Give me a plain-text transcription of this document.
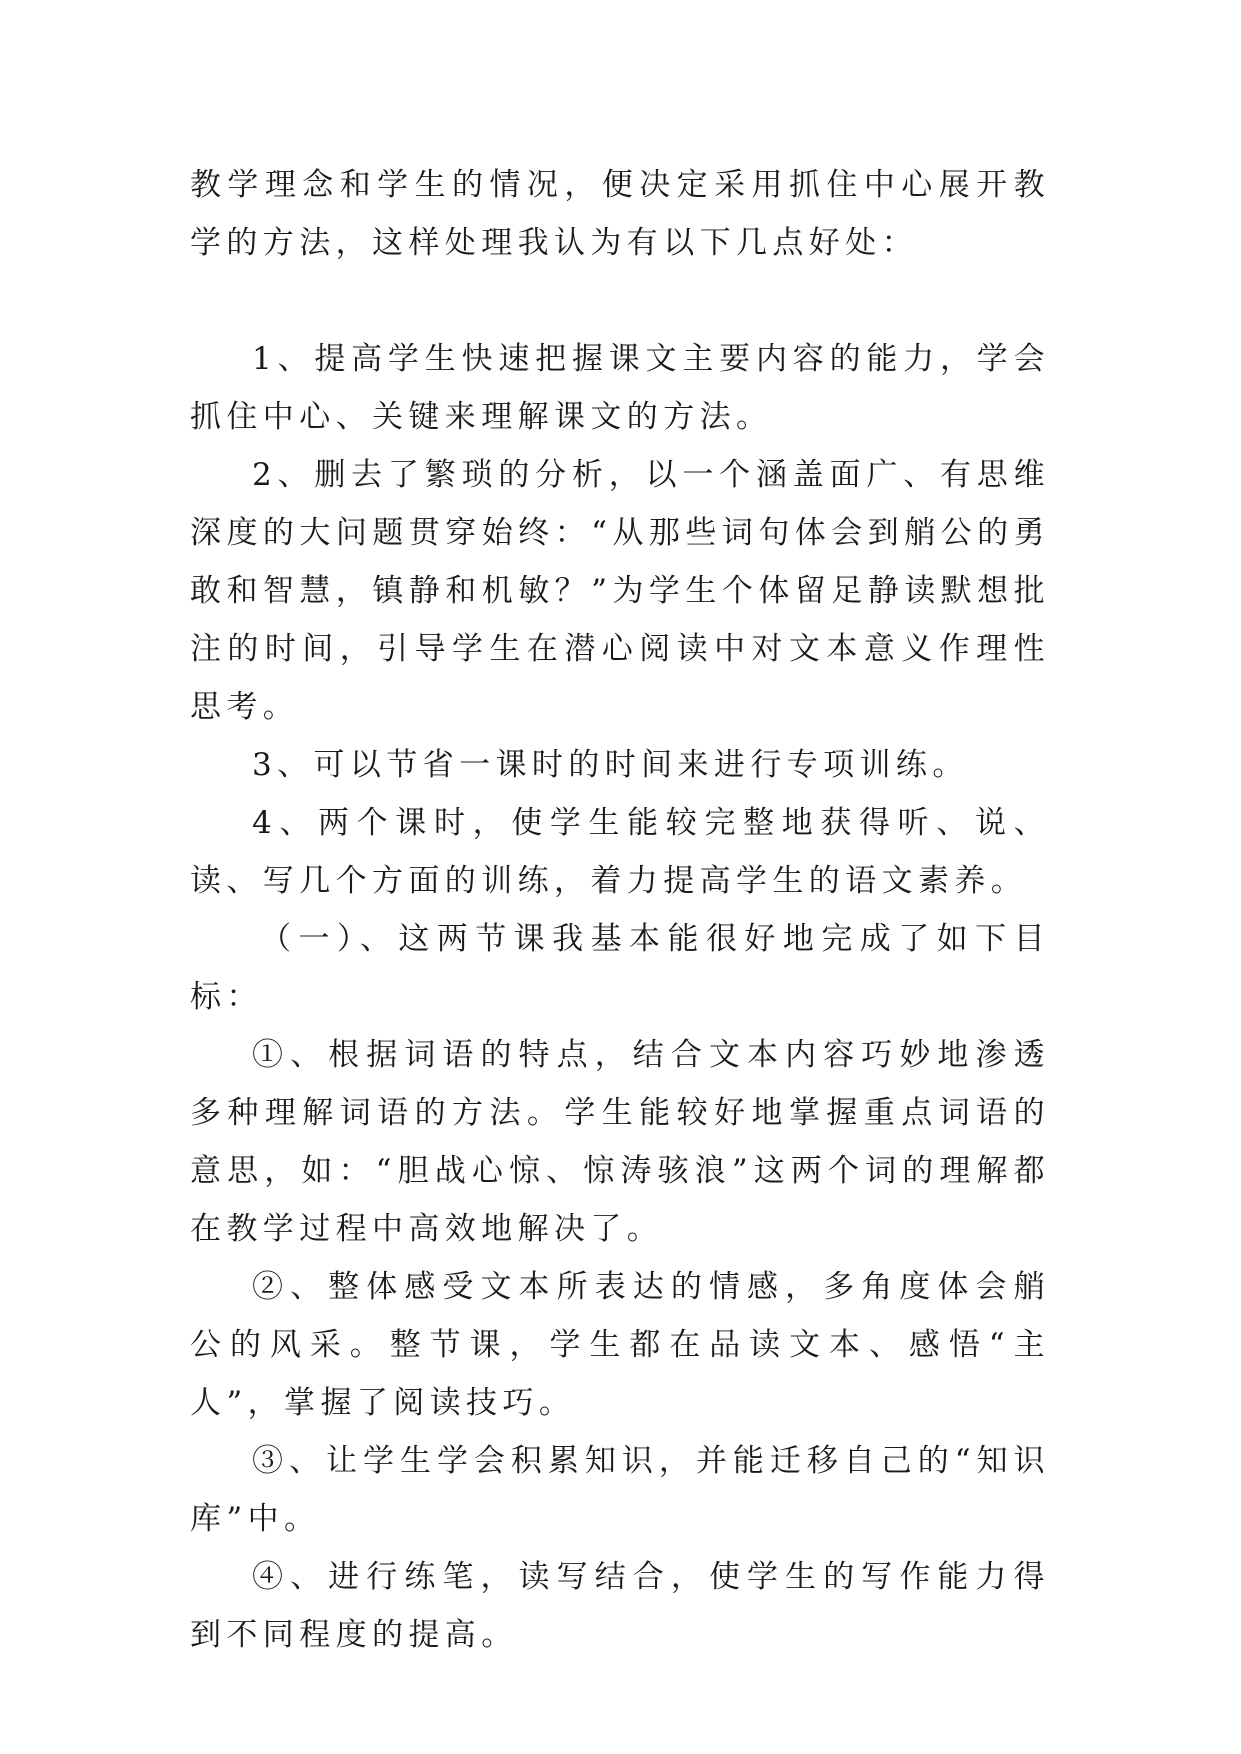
教学理念和学生的情况，便决定采用抓住中心展开教学的方法，这样处理我认为有以下几点好处：

1、提高学生快速把握课文主要内容的能力，学会抓住中心、关键来理解课文的方法。

2、删去了繁琐的分析，以一个涵盖面广、有思维深度的大问题贯穿始终：“从那些词句体会到艄公的勇敢和智慧，镇静和机敏？”为学生个体留足静读默想批注的时间，引导学生在潜心阅读中对文本意义作理性思考。

3、可以节省一课时的时间来进行专项训练。

4、两个课时，使学生能较完整地获得听、说、读、写几个方面的训练，着力提高学生的语文素养。

（一）、这两节课我基本能很好地完成了如下目标：

①、根据词语的特点，结合文本内容巧妙地渗透多种理解词语的方法。学生能较好地掌握重点词语的意思，如：“胆战心惊、惊涛骇浪”这两个词的理解都在教学过程中高效地解决了。

②、整体感受文本所表达的情感，多角度体会艄公的风采。整节课，学生都在品读文本、感悟“主人”，掌握了阅读技巧。

③、让学生学会积累知识，并能迁移自己的“知识库”中。

④、进行练笔，读写结合，使学生的写作能力得到不同程度的提高。
